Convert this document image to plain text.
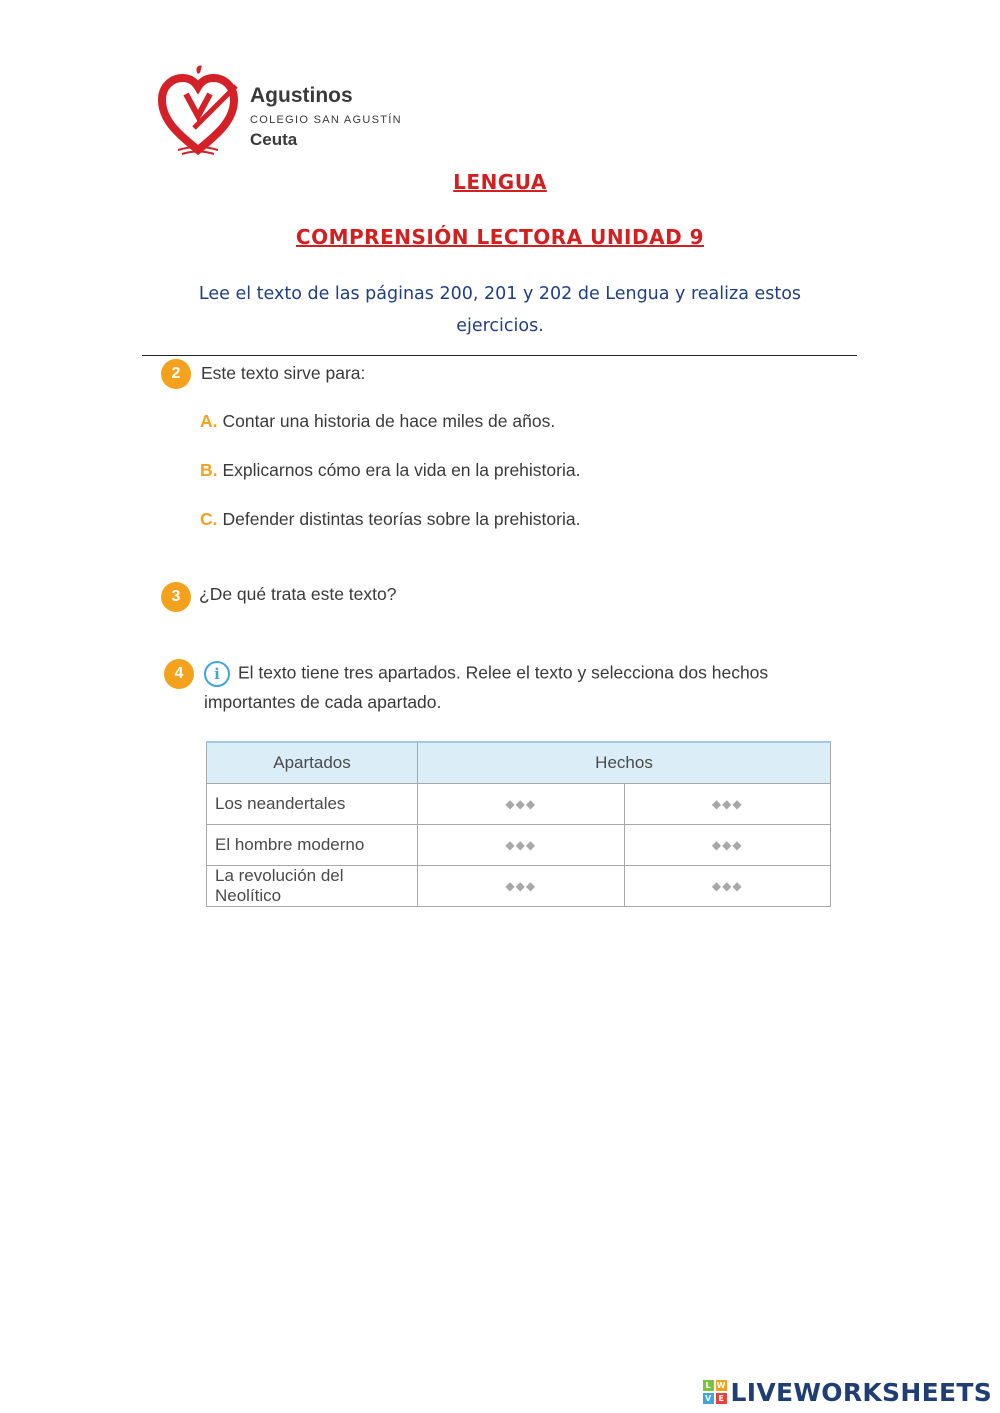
Agustinos
COLEGIO SAN AGUSTÍN
Ceuta
LENGUA
COMPRENSIÓN LECTORA UNIDAD 9
Lee el texto de las páginas 200, 201 y 202 de Lengua y realiza estos ejercicios.
2	Este texto sirve para:
A. Contar una historia de hace miles de años.
B. Explicarnos cómo era la vida en la prehistoria.
C. Defender distintas teorías sobre la prehistoria.
3	¿De qué trata este texto?
4	i El texto tiene tres apartados. Relee el texto y selecciona dos hechos
importantes de cada apartado.
Apartados	Hechos	
Los neandertales	◆◆◆	◆◆◆
El hombre moderno	◆◆◆	◆◆◆
La revolución del Neolítico	◆◆◆	◆◆◆
L W
V E LIVEWORKSHEETS
